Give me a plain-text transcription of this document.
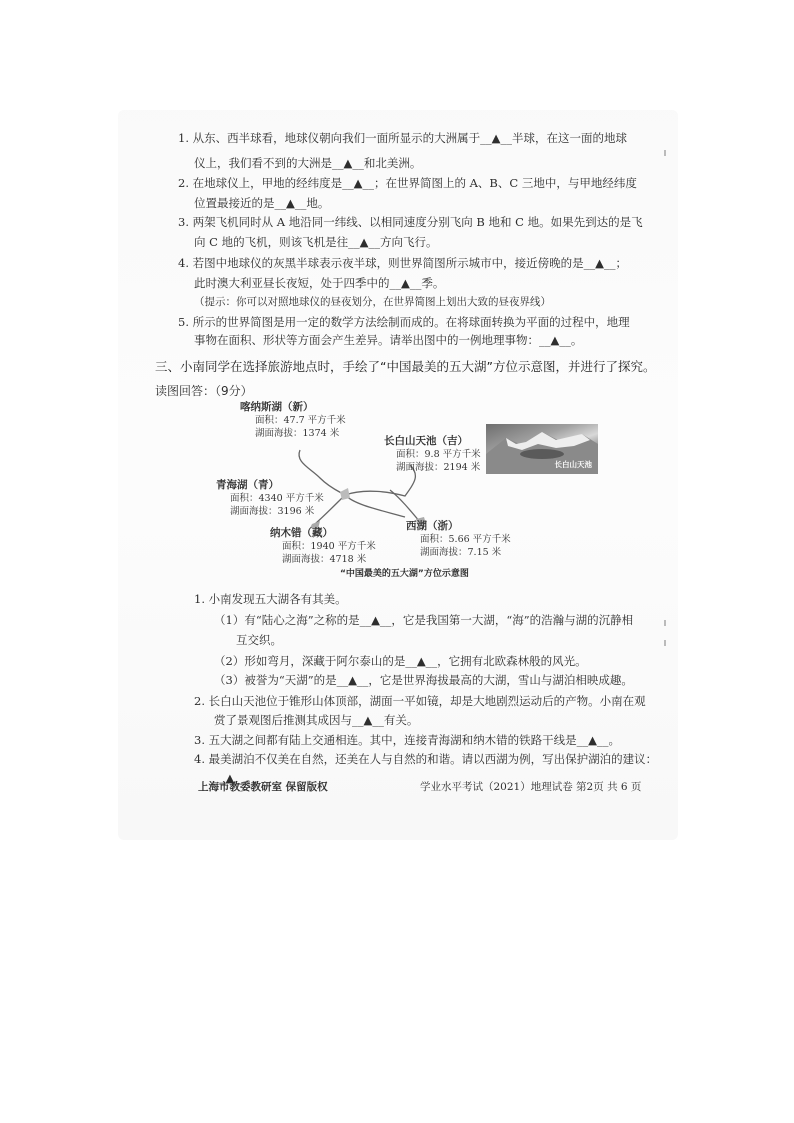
1. 从东、西半球看，地球仪朝向我们一面所显示的大洲属于__▲__半球，在这一面的地球
仪上，我们看不到的大洲是__▲__和北美洲。
2. 在地球仪上，甲地的经纬度是__▲__；在世界简图上的 A、B、C 三地中，与甲地经纬度
位置最接近的是__▲__地。
3. 两架飞机同时从 A 地沿同一纬线、以相同速度分别飞向 B 地和 C 地。如果先到达的是飞
向 C 地的飞机，则该飞机是往__▲__方向飞行。
4. 若图中地球仪的灰黑半球表示夜半球，则世界简图所示城市中，接近傍晚的是__▲__；
此时澳大利亚昼长夜短，处于四季中的__▲__季。
（提示：你可以对照地球仪的昼夜划分，在世界简图上划出大致的昼夜界线）
5. 所示的世界简图是用一定的数学方法绘制而成的。在将球面转换为平面的过程中，地理
事物在面积、形状等方面会产生差异。请举出图中的一例地理事物：__▲__。
三、小南同学在选择旅游地点时，手绘了“中国最美的五大湖”方位示意图，并进行了探究。
读图回答：（9分）
喀纳斯湖（新）
面积：47.7 平方千米
湖面海拔：1374 米
长白山天池（吉）
面积：9.8 平方千米
湖面海拔：2194 米
青海湖（青）
面积：4340 平方千米
湖面海拔：3196 米
纳木错（藏）
面积：1940 平方千米
湖面海拔：4718 米
西湖（浙）
面积：5.66 平方千米
湖面海拔：7.15 米
长白山天池
“中国最美的五大湖”方位示意图
1. 小南发现五大湖各有其美。
（1）有“陆心之海”之称的是__▲__，它是我国第一大湖，“海”的浩瀚与湖的沉静相
互交织。
（2）形如弯月，深藏于阿尔泰山的是__▲__，它拥有北欧森林般的风光。
（3）被誉为“天湖”的是__▲__，它是世界海拔最高的大湖，雪山与湖泊相映成趣。
2. 长白山天池位于锥形山体顶部，湖面一平如镜，却是大地剧烈运动后的产物。小南在观
赏了景观图后推测其成因与__▲__有关。
3. 五大湖之间都有陆上交通相连。其中，连接青海湖和纳木错的铁路干线是__▲__。
4. 最美湖泊不仅美在自然，还美在人与自然的和谐。请以西湖为例，写出保护湖泊的建议：
__▲__。
上海市教委教研室 保留版权	学业水平考试（2021）地理试卷 第2页 共 6 页
